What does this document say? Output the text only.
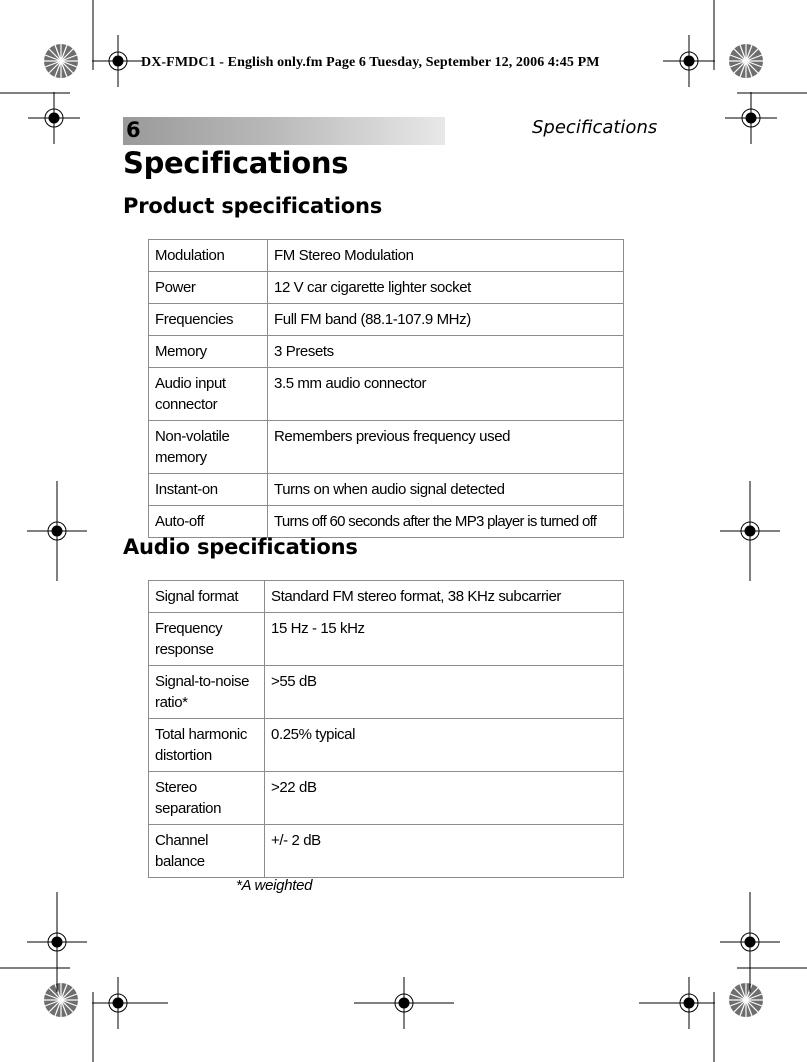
DX-FMDC1 - English only.fm Page 6 Tuesday, September 12, 2006 4:45 PM
6	Specifications
Specifications
Product specifications
Modulation	FM Stereo Modulation
Power	12 V car cigarette lighter socket
Frequencies	Full FM band (88.1-107.9 MHz)
Memory	3 Presets
Audio input connector	3.5 mm audio connector
Non-volatile memory	Remembers previous frequency used
Instant-on	Turns on when audio signal detected
Auto-off	Turns off 60 seconds after the MP3 player is turned off
Audio specifications
Signal format	Standard FM stereo format, 38 KHz subcarrier
Frequency response	15 Hz - 15 kHz
Signal-to-noise ratio*	>55 dB
Total harmonic distortion	0.25% typical
Stereo separation	>22 dB
Channel balance	+/- 2 dB
*A weighted
